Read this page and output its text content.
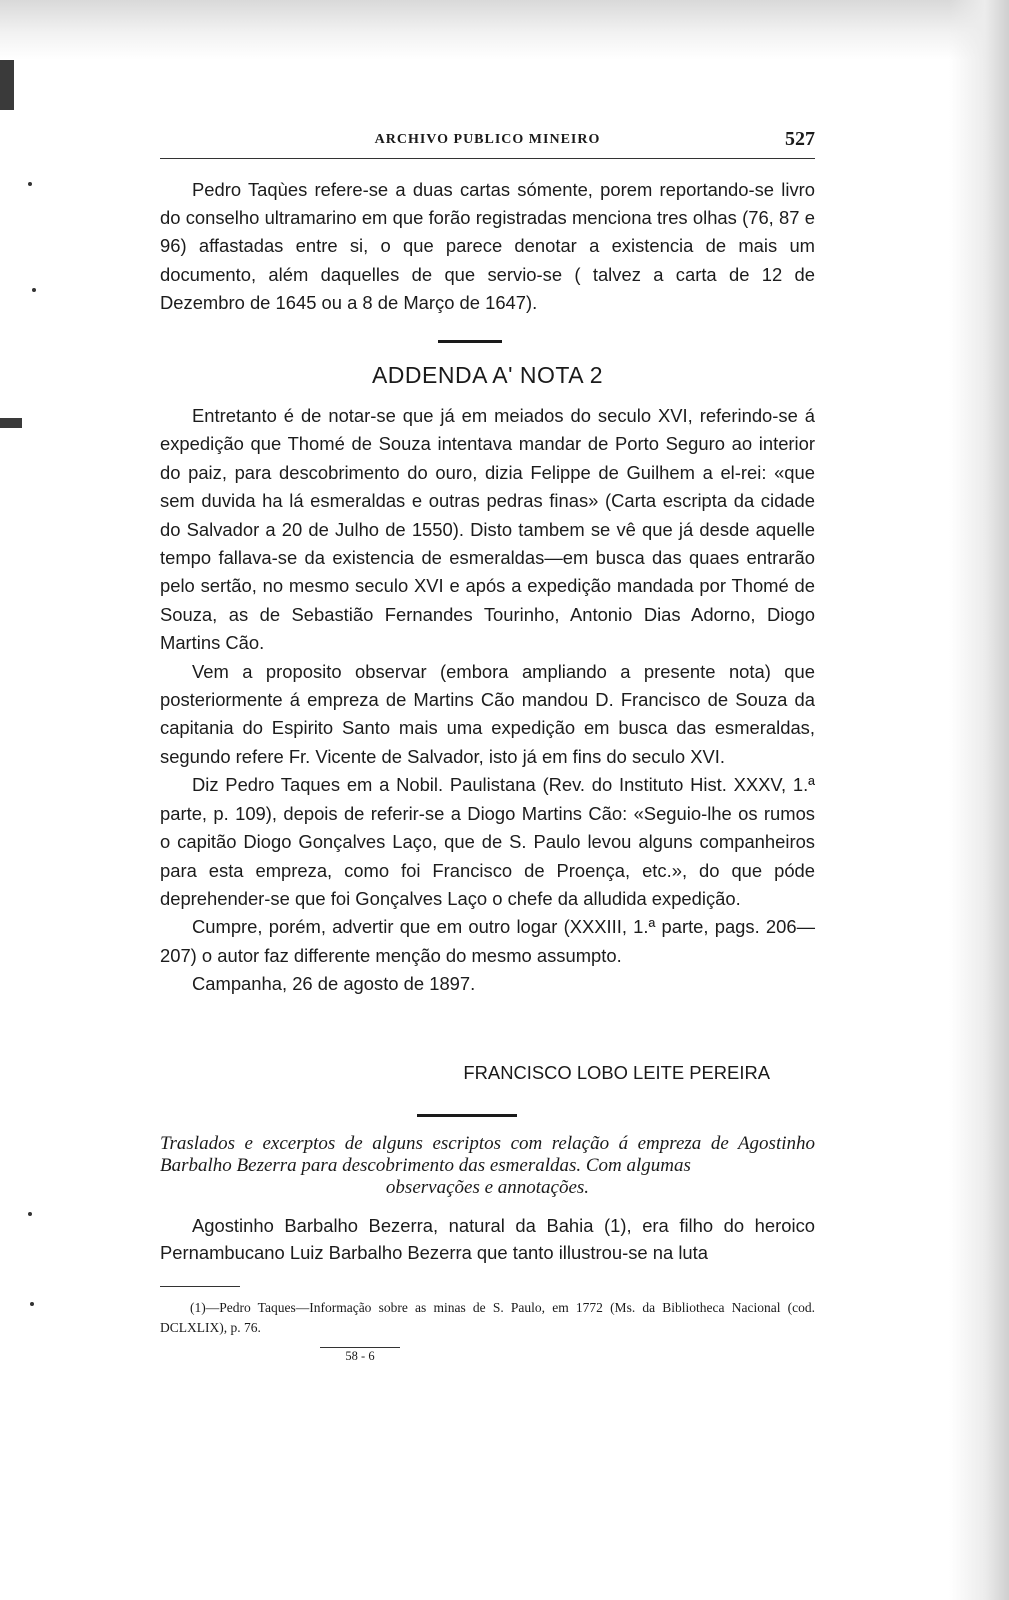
ARCHIVO PUBLICO MINEIRO	527

Pedro Taqùes refere-se a duas cartas sómente, porem reportando-se livro do conselho ultramarino em que forão registradas menciona tres olhas (76, 87 e 96) affastadas entre si, o que parece denotar a existencia de mais um documento, além daquelles de que servio-se ( talvez a carta de 12 de Dezembro de 1645 ou a 8 de Março de 1647).

ADDENDA A' NOTA 2

Entretanto é de notar-se que já em meiados do seculo XVI, referindo-se á expedição que Thomé de Souza intentava mandar de Porto Seguro ao interior do paiz, para descobrimento do ouro, dizia Felippe de Guilhem a el-rei: «que sem duvida ha lá esmeraldas e outras pedras finas» (Carta escripta da cidade do Salvador a 20 de Julho de 1550). Disto tambem se vê que já desde aquelle tempo fallava-se da existencia de esmeraldas—em busca das quaes entrarão pelo sertão, no mesmo seculo XVI e após a expedição mandada por Thomé de Souza, as de Sebastião Fernandes Tourinho, Antonio Dias Adorno, Diogo Martins Cão.

Vem a proposito observar (embora ampliando a presente nota) que posteriormente á empreza de Martins Cão mandou D. Francisco de Souza da capitania do Espirito Santo mais uma expedição em busca das esmeraldas, segundo refere Fr. Vicente de Salvador, isto já em fins do seculo XVI.

Diz Pedro Taques em a Nobil. Paulistana (Rev. do Instituto Hist. XXXV, 1.ª parte, p. 109), depois de referir-se a Diogo Martins Cão: «Seguio-lhe os rumos o capitão Diogo Gonçalves Laço, que de S. Paulo levou alguns companheiros para esta empreza, como foi Francisco de Proença, etc.», do que póde deprehender-se que foi Gonçalves Laço o chefe da alludida expedição.

Cumpre, porém, advertir que em outro logar (XXXIII, 1.ª parte, pags. 206—207) o autor faz differente menção do mesmo assumpto.

Campanha, 26 de agosto de 1897.

FRANCISCO LOBO LEITE PEREIRA
Traslados e excerptos de alguns escriptos com relação á empreza de Agostinho Barbalho Bezerra para descobrimento das esmeraldas. Com algumas
observações e annotações.

Agostinho Barbalho Bezerra, natural da Bahia (1), era filho do heroico Pernambucano Luiz Barbalho Bezerra que tanto illustrou-se na luta

(1)—Pedro Taques—Informação sobre as minas de S. Paulo, em 1772 (Ms. da Bibliotheca Nacional (cod. DCLXLIX), p. 76.
58 - 6
